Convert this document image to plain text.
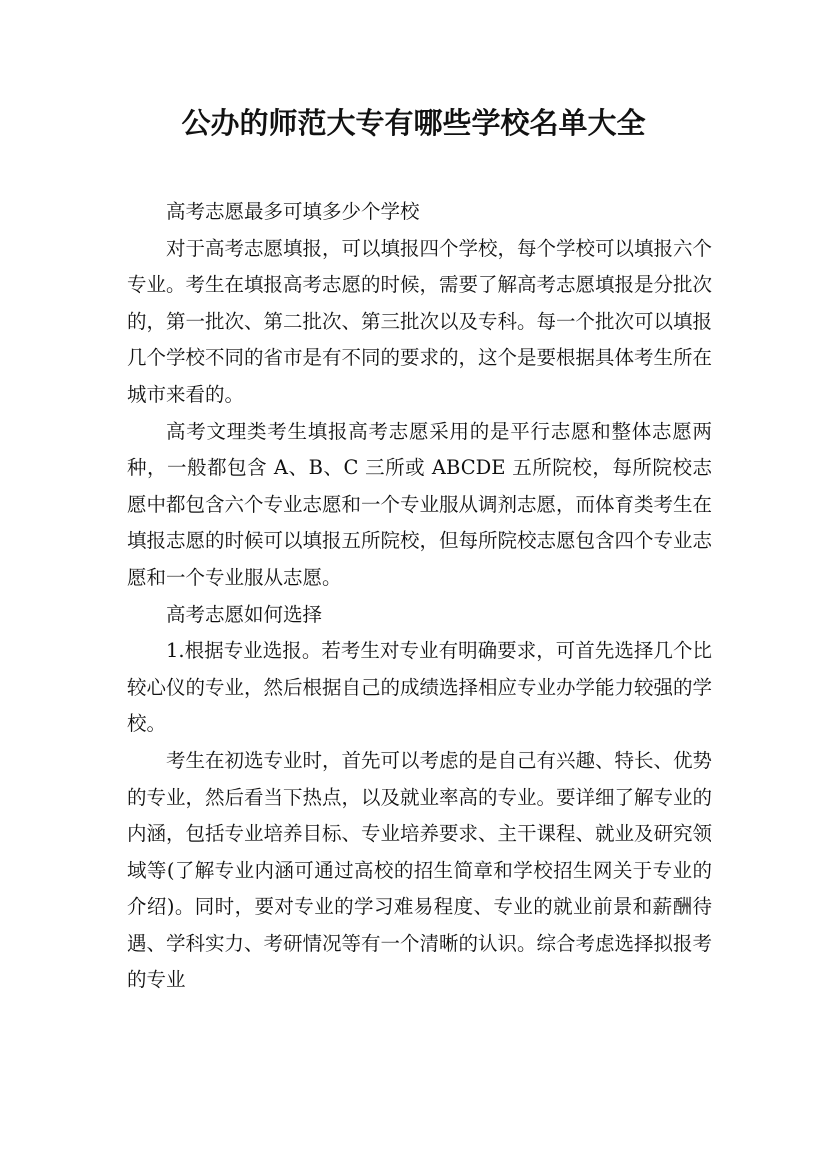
公办的师范大专有哪些学校名单大全

高考志愿最多可填多少个学校

对于高考志愿填报，可以填报四个学校，每个学校可以填报六个专业。考生在填报高考志愿的时候，需要了解高考志愿填报是分批次的，第一批次、第二批次、第三批次以及专科。每一个批次可以填报几个学校不同的省市是有不同的要求的，这个是要根据具体考生所在城市来看的。

高考文理类考生填报高考志愿采用的是平行志愿和整体志愿两种，一般都包含 A、B、C 三所或 ABCDE 五所院校，每所院校志愿中都包含六个专业志愿和一个专业服从调剂志愿，而体育类考生在填报志愿的时候可以填报五所院校，但每所院校志愿包含四个专业志愿和一个专业服从志愿。

高考志愿如何选择

1.根据专业选报。若考生对专业有明确要求，可首先选择几个比较心仪的专业，然后根据自己的成绩选择相应专业办学能力较强的学校。

考生在初选专业时，首先可以考虑的是自己有兴趣、特长、优势的专业，然后看当下热点，以及就业率高的专业。要详细了解专业的内涵，包括专业培养目标、专业培养要求、主干课程、就业及研究领域等(了解专业内涵可通过高校的招生简章和学校招生网关于专业的介绍)。同时，要对专业的学习难易程度、专业的就业前景和薪酬待遇、学科实力、考研情况等有一个清晰的认识。综合考虑选择拟报考的专业
